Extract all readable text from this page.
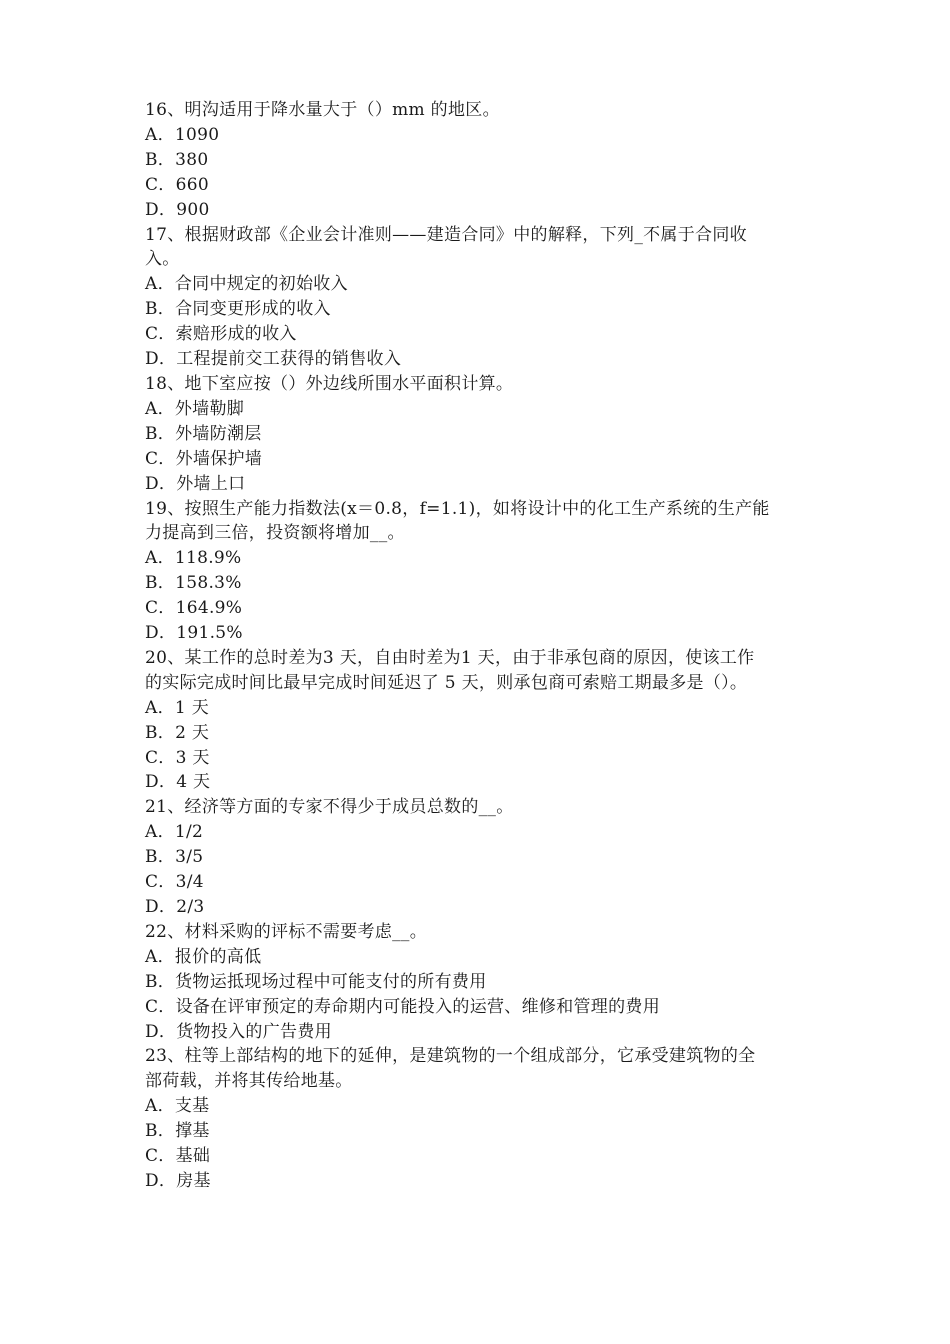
16、明沟适用于降水量大于（）mm 的地区。
A．1090
B．380
C．660
D．900
17、根据财政部《企业会计准则——建造合同》中的解释，下列_不属于合同收
入。
A．合同中规定的初始收入
B．合同变更形成的收入
C．索赔形成的收入
D．工程提前交工获得的销售收入
18、地下室应按（）外边线所围水平面积计算。
A．外墙勒脚
B．外墙防潮层
C．外墙保护墙
D．外墙上口
19、按照生产能力指数法(x＝0.8，f=1.1)，如将设计中的化工生产系统的生产能
力提高到三倍，投资额将增加__。
A．118.9%
B．158.3%
C．164.9%
D．191.5%
20、某工作的总时差为3 天，自由时差为1 天，由于非承包商的原因，使该工作
的实际完成时间比最早完成时间延迟了 5 天，则承包商可索赔工期最多是（）。
A．1 天
B．2 天
C．3 天
D．4 天
21、经济等方面的专家不得少于成员总数的__。
A．1/2
B．3/5
C．3/4
D．2/3
22、材料采购的评标不需要考虑__。
A．报价的高低
B．货物运抵现场过程中可能支付的所有费用
C．设备在评审预定的寿命期内可能投入的运营、维修和管理的费用
D．货物投入的广告费用
23、柱等上部结构的地下的延伸，是建筑物的一个组成部分，它承受建筑物的全
部荷载，并将其传给地基。
A．支基
B．撑基
C．基础
D．房基
